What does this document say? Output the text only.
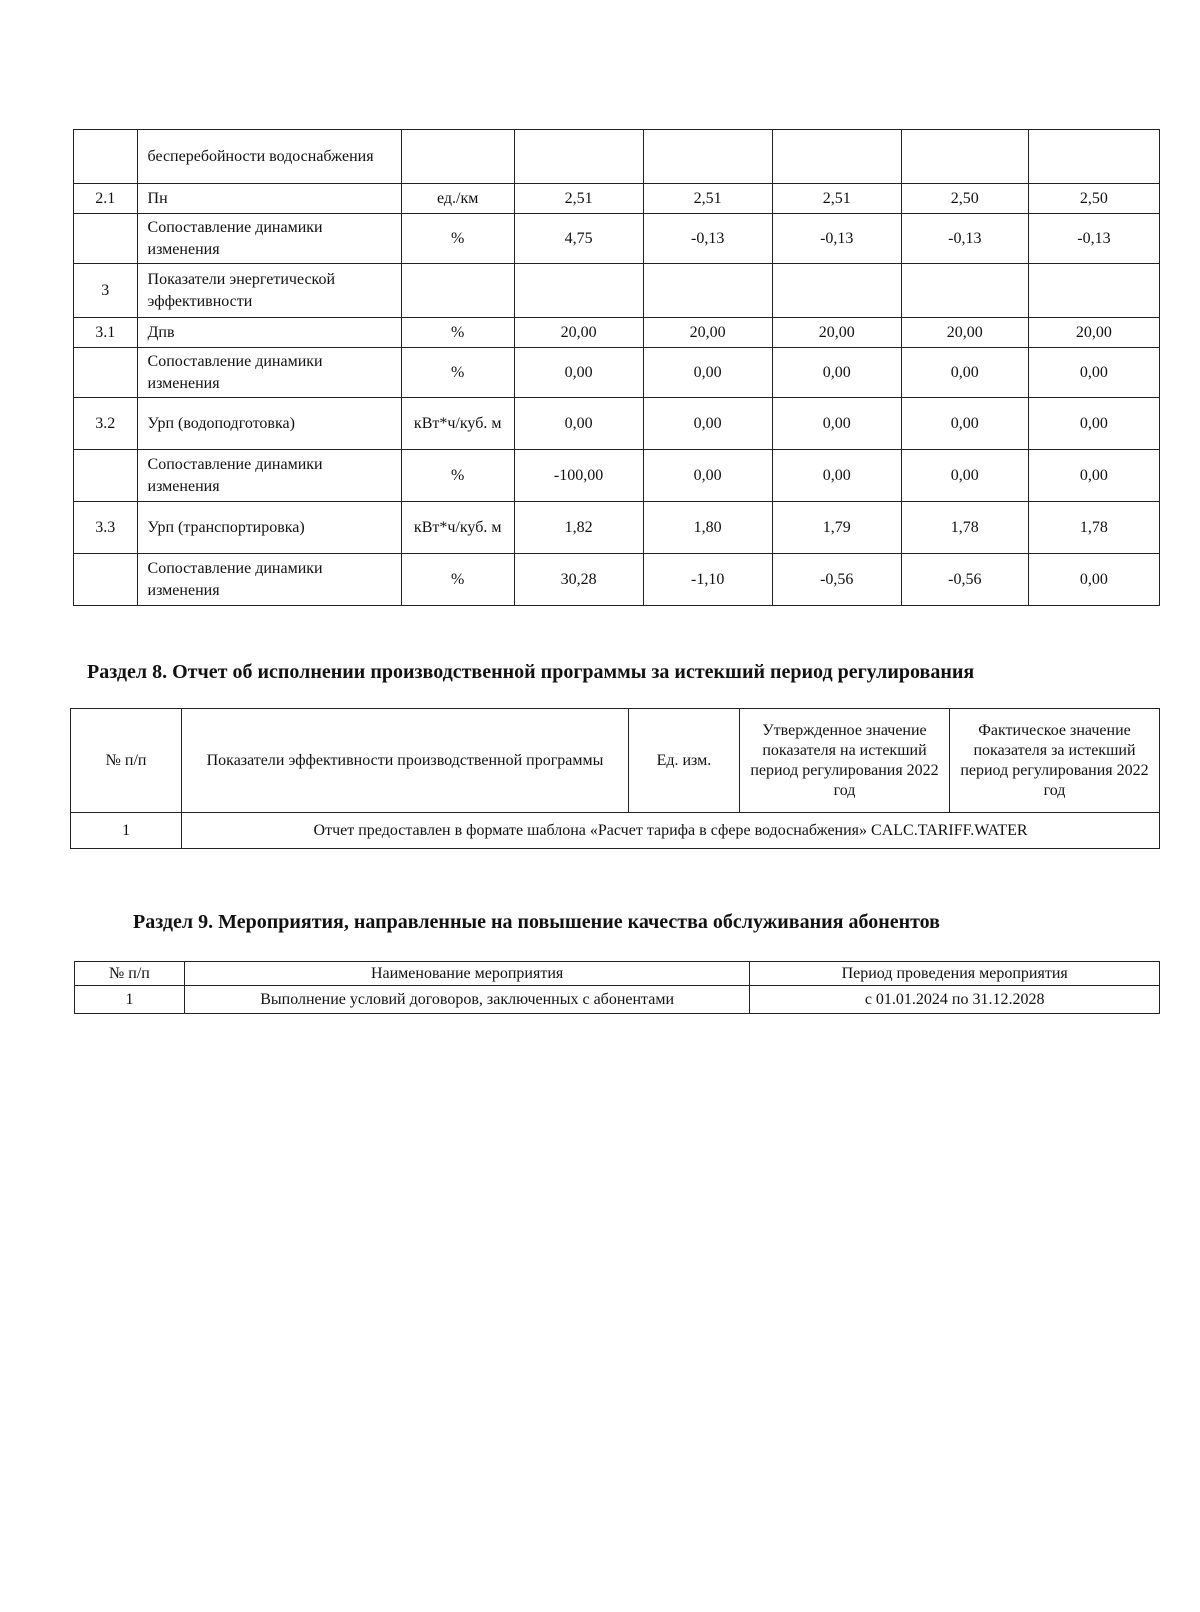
	бесперебойности водоснабжения						
2.1	Пн	ед./км	2,51	2,51	2,51	2,50	2,50
	Сопоставление динамики изменения	%	4,75	-0,13	-0,13	-0,13	-0,13
3	Показатели энергетической эффективности						
3.1	Дпв	%	20,00	20,00	20,00	20,00	20,00
	Сопоставление динамики изменения	%	0,00	0,00	0,00	0,00	0,00
3.2	Урп (водоподготовка)	кВт*ч/куб. м	0,00	0,00	0,00	0,00	0,00
	Сопоставление динамики изменения	%	-100,00	0,00	0,00	0,00	0,00
3.3	Урп (транспортировка)	кВт*ч/куб. м	1,82	1,80	1,79	1,78	1,78
	Сопоставление динамики изменения	%	30,28	-1,10	-0,56	-0,56	0,00
Раздел 8. Отчет об исполнении производственной программы за истекший период регулирования
№ п/п	Показатели эффективности производственной программы	Ед. изм.	Утвержденное значение показателя на истекший период регулирования 2022 год	Фактическое значение показателя за истекший период регулирования 2022 год
1	Отчет предоставлен в формате шаблона «Расчет тарифа в сфере водоснабжения» CALC.TARIFF.WATER			
Раздел 9. Мероприятия, направленные на повышение качества обслуживания абонентов
№ п/п	Наименование мероприятия	Период проведения мероприятия
1	Выполнение условий договоров, заключенных с абонентами	с 01.01.2024 по 31.12.2028
